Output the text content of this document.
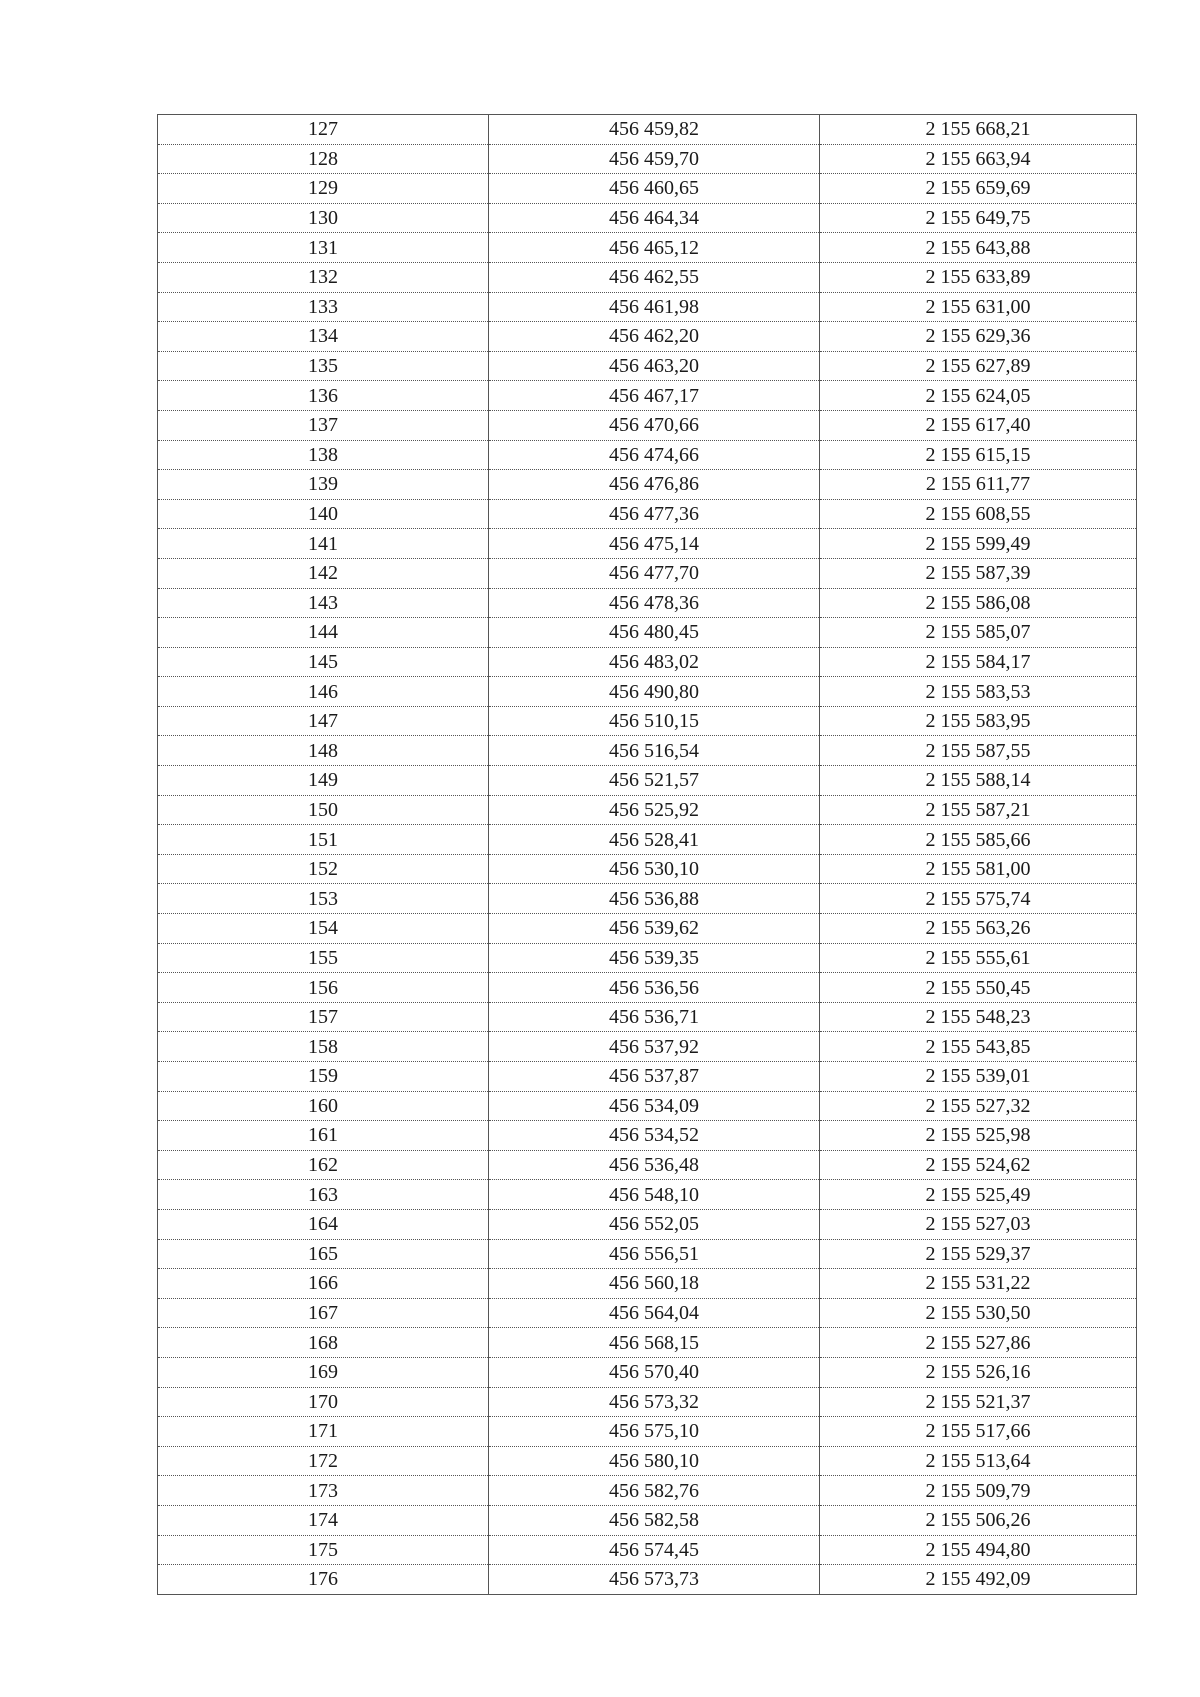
127	456 459,82	2 155 668,21
128	456 459,70	2 155 663,94
129	456 460,65	2 155 659,69
130	456 464,34	2 155 649,75
131	456 465,12	2 155 643,88
132	456 462,55	2 155 633,89
133	456 461,98	2 155 631,00
134	456 462,20	2 155 629,36
135	456 463,20	2 155 627,89
136	456 467,17	2 155 624,05
137	456 470,66	2 155 617,40
138	456 474,66	2 155 615,15
139	456 476,86	2 155 611,77
140	456 477,36	2 155 608,55
141	456 475,14	2 155 599,49
142	456 477,70	2 155 587,39
143	456 478,36	2 155 586,08
144	456 480,45	2 155 585,07
145	456 483,02	2 155 584,17
146	456 490,80	2 155 583,53
147	456 510,15	2 155 583,95
148	456 516,54	2 155 587,55
149	456 521,57	2 155 588,14
150	456 525,92	2 155 587,21
151	456 528,41	2 155 585,66
152	456 530,10	2 155 581,00
153	456 536,88	2 155 575,74
154	456 539,62	2 155 563,26
155	456 539,35	2 155 555,61
156	456 536,56	2 155 550,45
157	456 536,71	2 155 548,23
158	456 537,92	2 155 543,85
159	456 537,87	2 155 539,01
160	456 534,09	2 155 527,32
161	456 534,52	2 155 525,98
162	456 536,48	2 155 524,62
163	456 548,10	2 155 525,49
164	456 552,05	2 155 527,03
165	456 556,51	2 155 529,37
166	456 560,18	2 155 531,22
167	456 564,04	2 155 530,50
168	456 568,15	2 155 527,86
169	456 570,40	2 155 526,16
170	456 573,32	2 155 521,37
171	456 575,10	2 155 517,66
172	456 580,10	2 155 513,64
173	456 582,76	2 155 509,79
174	456 582,58	2 155 506,26
175	456 574,45	2 155 494,80
176	456 573,73	2 155 492,09
